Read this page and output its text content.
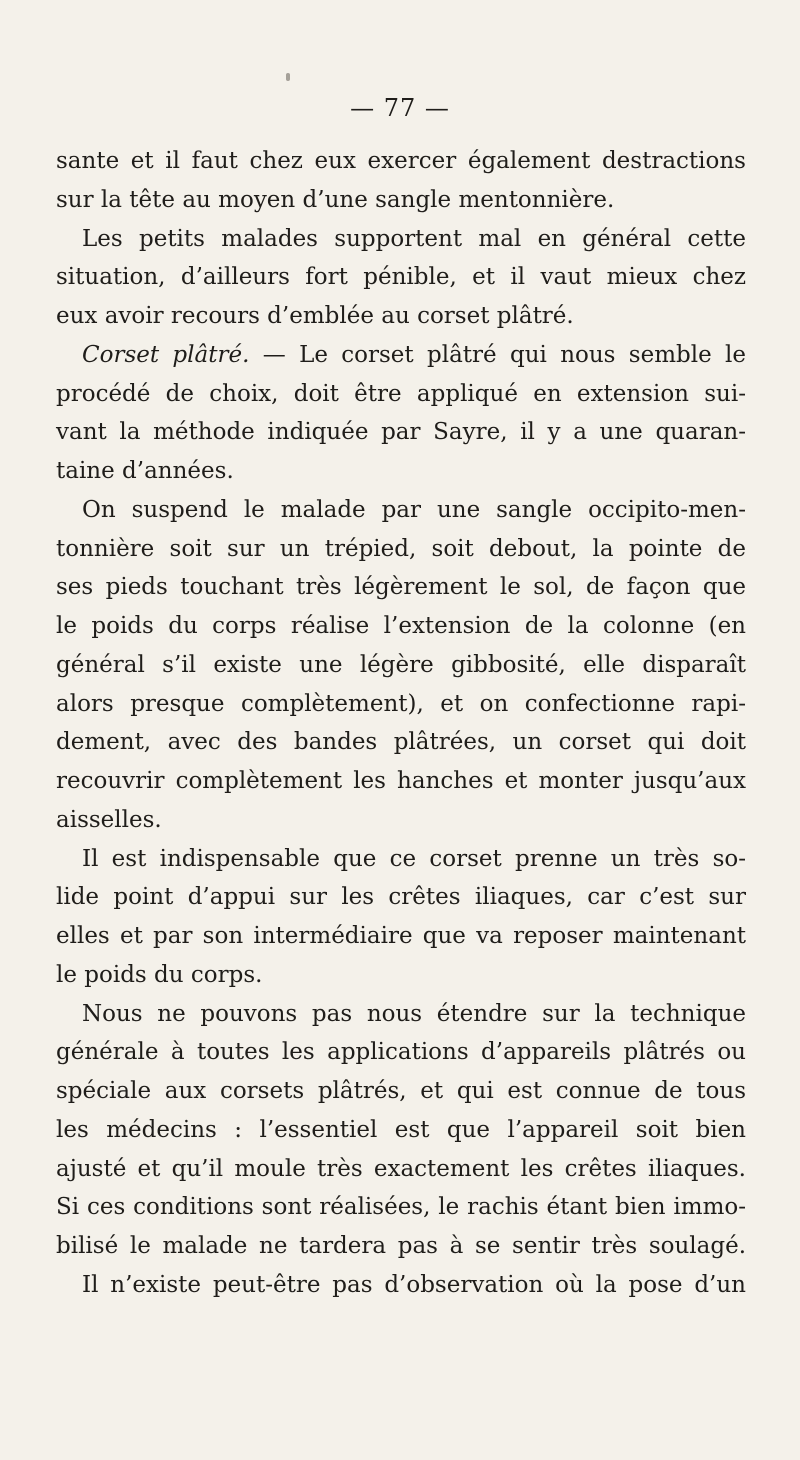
— 77 —
sante et il faut chez eux exercer également destractions
sur la tête au moyen d’une sangle mentonnière.
Les petits malades supportent mal en général cette
situation, d’ailleurs fort pénible, et il vaut mieux chez
eux avoir recours d’emblée au corset plâtré.
Corset plâtré. — Le corset plâtré qui nous semble le
procédé de choix, doit être appliqué en extension sui-
vant la méthode indiquée par Sayre, il y a une quaran-
taine d’années.
On suspend le malade par une sangle occipito-men-
tonnière soit sur un trépied, soit debout, la pointe de
ses pieds touchant très légèrement le sol, de façon que
le poids du corps réalise l’extension de la colonne (en
général s’il existe une légère gibbosité, elle disparaît
alors presque complètement), et on confectionne rapi-
dement, avec des bandes plâtrées, un corset qui doit
recouvrir complètement les hanches et monter jusqu’aux
aisselles.
Il est indispensable que ce corset prenne un très so-
lide point d’appui sur les crêtes iliaques, car c’est sur
elles et par son intermédiaire que va reposer maintenant
le poids du corps.
Nous ne pouvons pas nous étendre sur la technique
générale à toutes les applications d’appareils plâtrés ou
spéciale aux corsets plâtrés, et qui est connue de tous
les médecins : l’essentiel est que l’appareil soit bien
ajusté et qu’il moule très exactement les crêtes iliaques.
Si ces conditions sont réalisées, le rachis étant bien immo-
bilisé le malade ne tardera pas à se sentir très soulagé.
Il n’existe peut-être pas d’observation où la pose d’un
